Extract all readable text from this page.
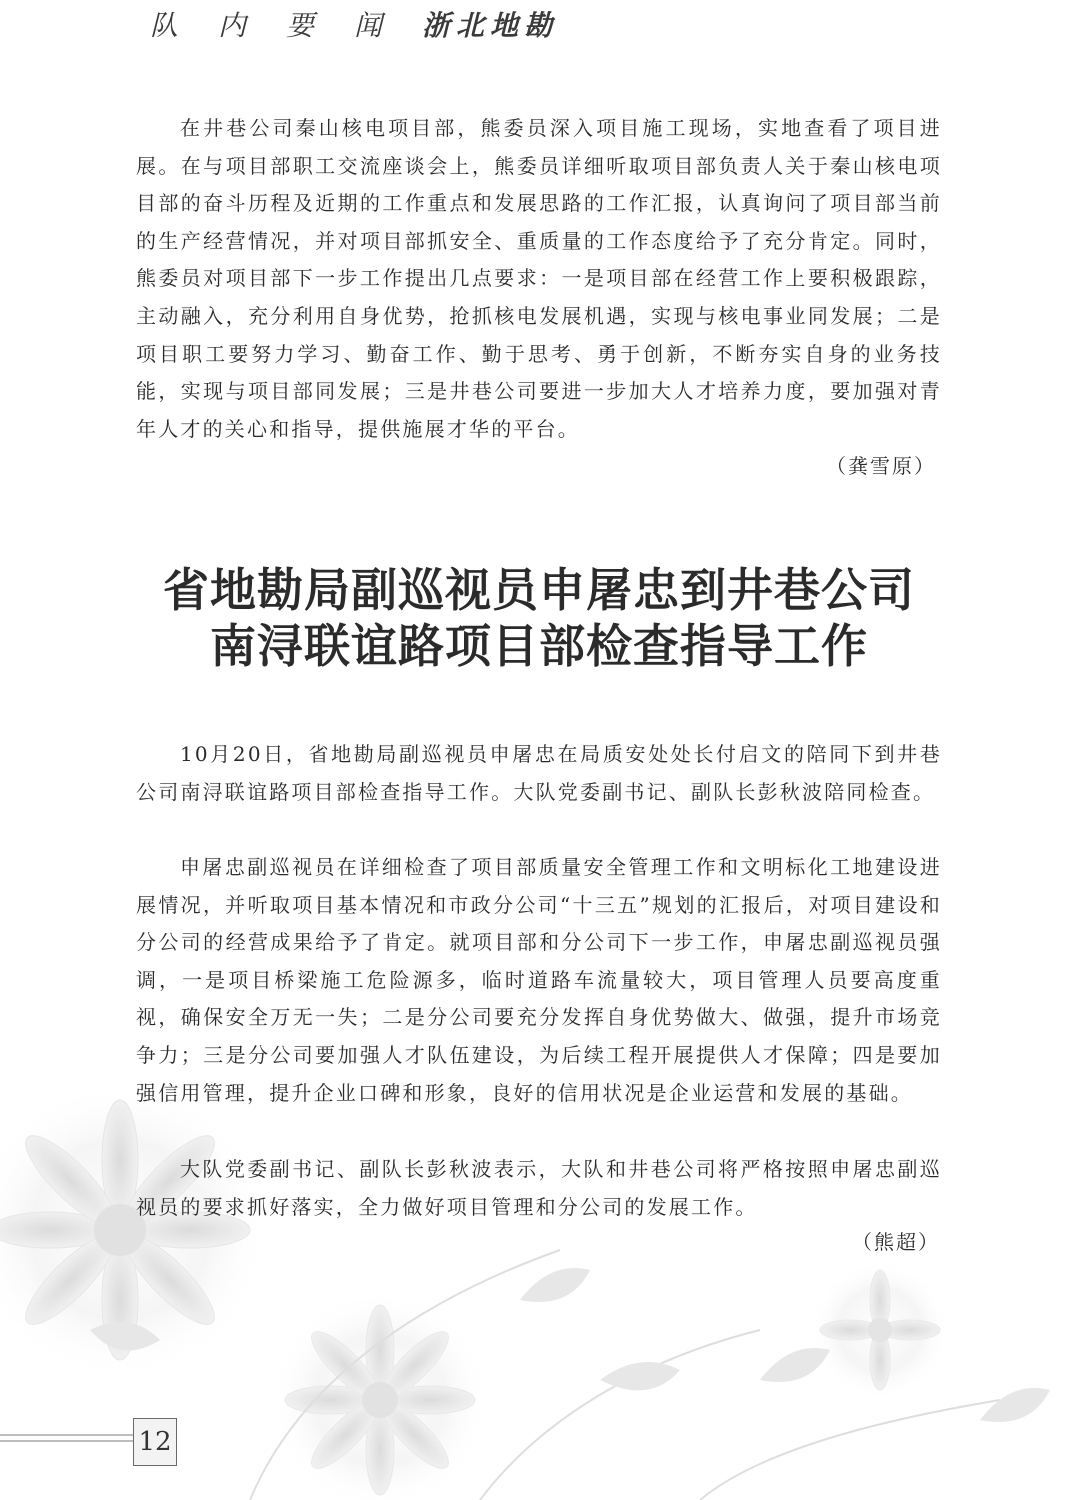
队内要闻浙北地勘

在井巷公司秦山核电项目部，熊委员深入项目施工现场，实地查看了项目进展。在与项目部职工交流座谈会上，熊委员详细听取项目部负责人关于秦山核电项目部的奋斗历程及近期的工作重点和发展思路的工作汇报，认真询问了项目部当前的生产经营情况，并对项目部抓安全、重质量的工作态度给予了充分肯定。同时，熊委员对项目部下一步工作提出几点要求：一是项目部在经营工作上要积极跟踪，主动融入，充分利用自身优势，抢抓核电发展机遇，实现与核电事业同发展；二是项目职工要努力学习、勤奋工作、勤于思考、勇于创新，不断夯实自身的业务技能，实现与项目部同发展；三是井巷公司要进一步加大人才培养力度，要加强对青年人才的关心和指导，提供施展才华的平台。

（龚雪原）
省地勘局副巡视员申屠忠到井巷公司
南浔联谊路项目部检查指导工作

10月20日，省地勘局副巡视员申屠忠在局质安处处长付启文的陪同下到井巷公司南浔联谊路项目部检查指导工作。大队党委副书记、副队长彭秋波陪同检查。

申屠忠副巡视员在详细检查了项目部质量安全管理工作和文明标化工地建设进展情况，并听取项目基本情况和市政分公司“十三五”规划的汇报后，对项目建设和分公司的经营成果给予了肯定。就项目部和分公司下一步工作，申屠忠副巡视员强调，一是项目桥梁施工危险源多，临时道路车流量较大，项目管理人员要高度重视，确保安全万无一失；二是分公司要充分发挥自身优势做大、做强，提升市场竞争力；三是分公司要加强人才队伍建设，为后续工程开展提供人才保障；四是要加强信用管理，提升企业口碑和形象，良好的信用状况是企业运营和发展的基础。

大队党委副书记、副队长彭秋波表示，大队和井巷公司将严格按照申屠忠副巡视员的要求抓好落实，全力做好项目管理和分公司的发展工作。

（熊超）
12
